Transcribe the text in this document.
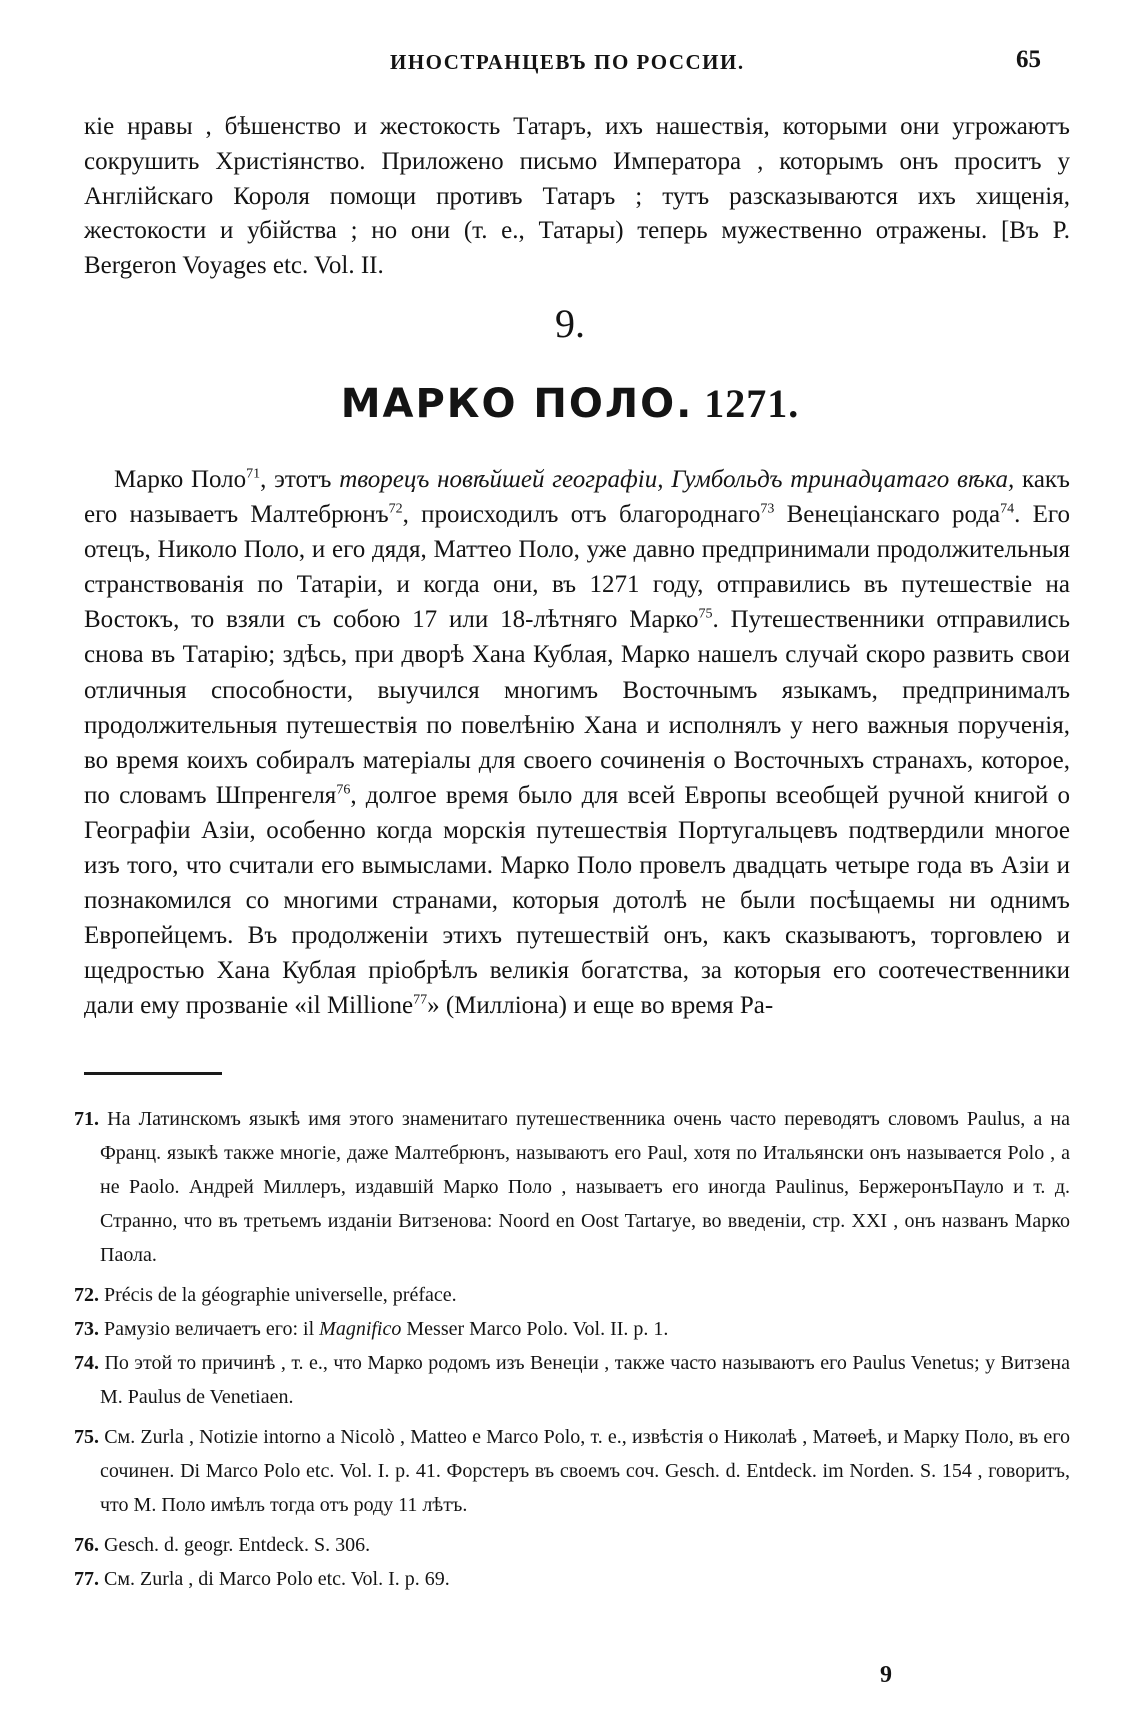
ИНОСТРАНЦЕВЪ ПО РОССИИ.	65
кіе нравы , бѣшенство и жестокость Татаръ, ихъ нашествія, которыми они угрожаютъ сокрушить Христіянство. Приложено письмо Императора , которымъ онъ проситъ у Англійскаго Короля помощи противъ Татаръ ; тутъ разсказываются ихъ хищенія, жестокости и убійства ; но они (т. е., Татары) теперь мужественно отражены. [Въ P. Bergeron Voyages etc. Vol. II.
9.
МАРКО ПОЛО. 1271.
Марко Поло$^{71}$, этотъ творецъ новѣйшей географіи, Гумбольдъ тринадцатаго вѣка, какъ его называетъ Малтебрюнъ$^{72}$, происходилъ отъ благороднаго$^{73}$ Венеціанскаго рода$^{74}$. Его отецъ, Николо Поло, и его дядя, Маттео Поло, уже давно предпринимали продолжительныя странствованія по Татаріи, и когда они, въ 1271 году, отправились въ путешествіе на Востокъ, то взяли съ собою 17 или 18-лѣтняго Марко$^{75}$. Путешественники отправились снова въ Татарію; здѣсь, при дворѣ Хана Кублая, Марко нашелъ случай скоро развить свои отличныя способности, выучился многимъ Восточнымъ языкамъ, предпринималъ продолжительныя путешествія по повелѣнію Хана и исполнялъ у него важныя порученія, во время коихъ собиралъ матеріалы для своего сочиненія о Восточныхъ странахъ, которое, по словамъ Шпренгеля$^{76}$, долгое время было для всей Европы всеобщей ручной книгой о Географіи Азіи, особенно когда морскія путешествія Португальцевъ подтвердили многое изъ того, что считали его вымыслами. Марко Поло провелъ двадцать четыре года въ Азіи и познакомился со многими странами, которыя дотолѣ не были посѣщаемы ни однимъ Европейцемъ. Въ продолженіи этихъ путешествій онъ, какъ сказываютъ, торговлею и щедростью Хана Кублая пріобрѣлъ великія богатства, за которыя его соотечественники дали ему прозваніе «il Millione$^{77}$» (Милліона) и еще во время Ра-
71. На Латинскомъ языкѣ имя этого знаменитаго путешественника очень часто переводятъ словомъ Paulus, а на Франц. языкѣ также многіе, даже Малтебрюнъ, называютъ его Paul, хотя по Итальянски онъ называется Polo , а не Paolo. Андрей Миллеръ, издавшій Марко Поло , называетъ его иногда Paulinus, БержеронъПауло и т. д. Странно, что въ третьемъ изданіи Витзенова: Noord en Oost Tartarye, во введеніи, стр. XXI , онъ названъ Марко Паола.
72. Précis de la géographie universelle, préface.
73. Рамузіо величаетъ его: il Magnifico Messer Marco Polo. Vol. II. p. 1.
74. По этой то причинѣ , т. е., что Марко родомъ изъ Венеціи , также часто называютъ его Paulus Venetus; у Витзена M. Paulus de Venetiaen.
75. См. Zurla , Notizie intorno a Nicolò , Matteo e Marco Polo, т. е., извѣстія о Николаѣ , Матѳеѣ, и Марку Поло, въ его сочинен. Di Marco Polo etc. Vol. I. p. 41. Форстеръ въ своемъ соч. Gesch. d. Entdeck. im Norden. S. 154 , говоритъ, что М. Поло имѣлъ тогда отъ роду 11 лѣтъ.
76. Gesch. d. geogr. Entdeck. S. 306.
77. См. Zurla , di Marco Polo etc. Vol. I. p. 69.
9
